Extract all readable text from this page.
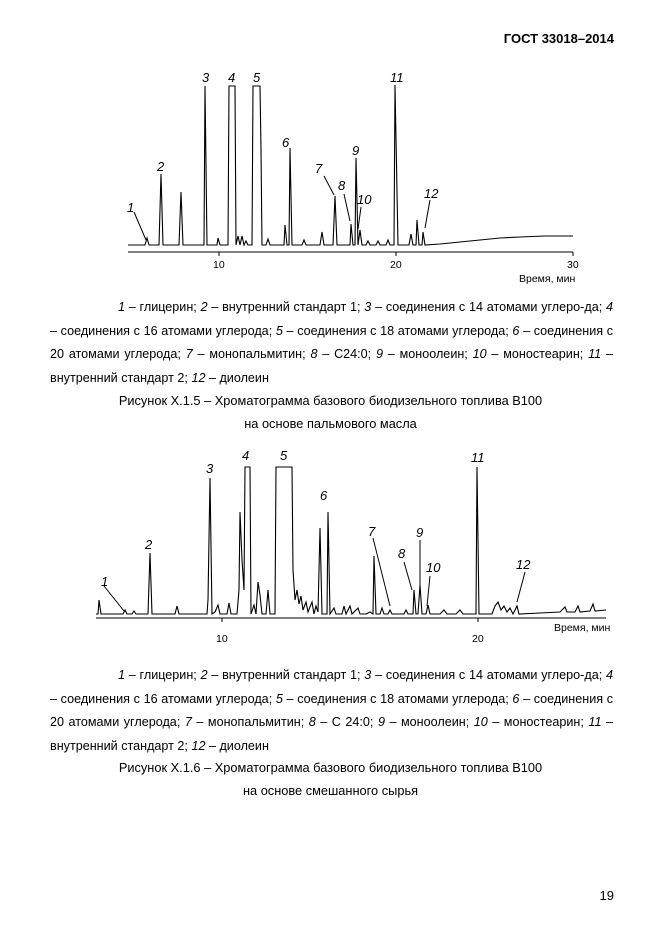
ГОСТ 33018–2014
1
2
3 4 5
6
7
8
9
10
11
12
10	20	30
Время, мин
1 – глицерин; 2 – внутренний стандарт 1; 3 – соединения с 14 атомами углеро-да; 4 – соединения с 16 атомами углерода; 5 – соединения с 18 атомами углерода; 6 – соединения с 20 атомами углерода; 7 – монопальмитин; 8 – С24:0; 9 – моноолеин; 10 – моностеарин; 11 – внутренний стандарт 2; 12 – диолеин
Рисунок Х.1.5 – Хроматограмма базового биодизельного топлива В100
на основе пальмового масла
1
2
3
4 5
6
7
8
9
10
11
12
10	20
Время, мин
1 – глицерин; 2 – внутренний стандарт 1; 3 – соединения с 14 атомами углеро-да; 4 – соединения с 16 атомами углерода; 5 – соединения с 18 атомами углерода; 6 – соединения с 20 атомами углерода; 7 – монопальмитин; 8 – С 24:0; 9 – моноолеин; 10 – моностеарин; 11 – внутренний стандарт 2; 12 – диолеин
Рисунок Х.1.6 – Хроматограмма базового биодизельного топлива В100
на основе смешанного сырья
19
